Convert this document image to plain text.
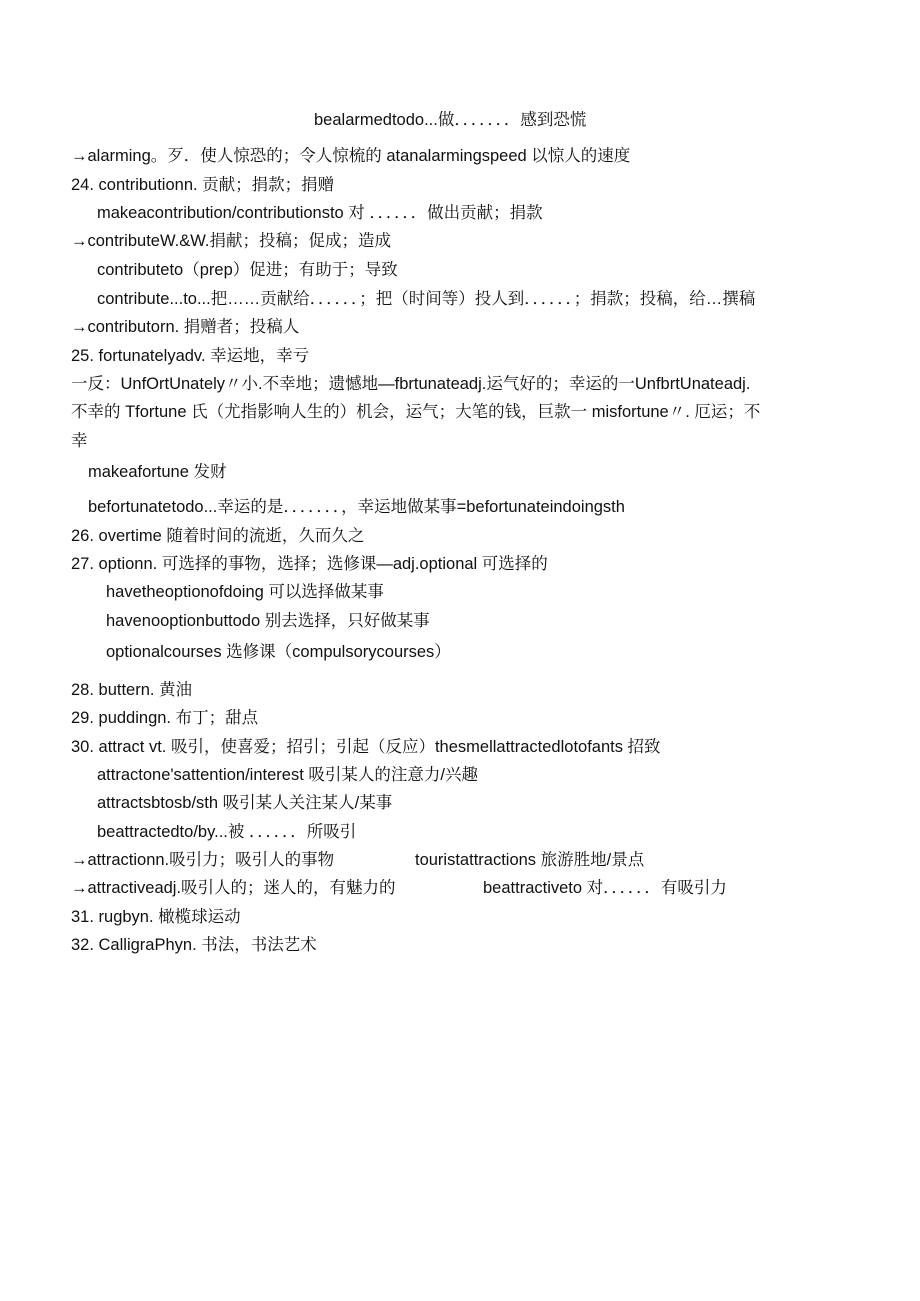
bealarmedtodo...做．．．．．．．感到恐慌
→alarming。歹．使人惊恐的；令人惊梳的 atanalarmingspeed 以惊人的速度
24. contributionn. 贡献；捐款；捐赠
makeacontribution/contributionsto 对 ．．．．．．做出贡献；捐款
→contributeW.&W.捐献；投稿；促成；造成
contributeto（prep）促进；有助于；导致
contribute...to...把……贡献给．．．．．．；把（时间等）投人到．．．．．．；捐款；投稿，给…撰稿
→contributorn. 捐赠者；投稿人
25. fortunatelyadv. 幸运地，幸亏
一反：UnfOrtUnately〃小.不幸地；遗憾地—fbrtunateadj.运气好的；幸运的一UnfbrtUnateadj.
不幸的 Tfortune 氏（尤指影响人生的）机会，运气；大笔的钱，巨款一 misfortune〃. 厄运；不
幸
makeafortune 发财
befortunatetodo...幸运的是．．．．．．．，幸运地做某事=befortunateindoingsth
26. overtime 随着时间的流逝，久而久之
27. optionn. 可选择的事物，选择；选修课—adj.optional 可选择的
havetheoptionofdoing 可以选择做某事
havenooptionbuttodo 别去选择，只好做某事
optionalcourses 选修课（compulsorycourses）
28. buttern. 黄油
29. puddingn. 布丁；甜点
30. attract vt. 吸引，使喜爱；招引；引起（反应）thesmellattractedlotofants 招致
attractone'sattention/interest 吸引某人的注意力/兴趣
attractsbtosb/sth 吸引某人关注某人/某事
beattractedto/by...被 ．．．．．．所吸引
→attractionn.吸引力；吸引人的事物	touristattractions 旅游胜地/景点
→attractiveadj.吸引人的；迷人的，有魅力的	beattractiveto 对．．．．．．有吸引力
31. rugbyn. 橄榄球运动
32. CalligraPhyn. 书法，书法艺术
